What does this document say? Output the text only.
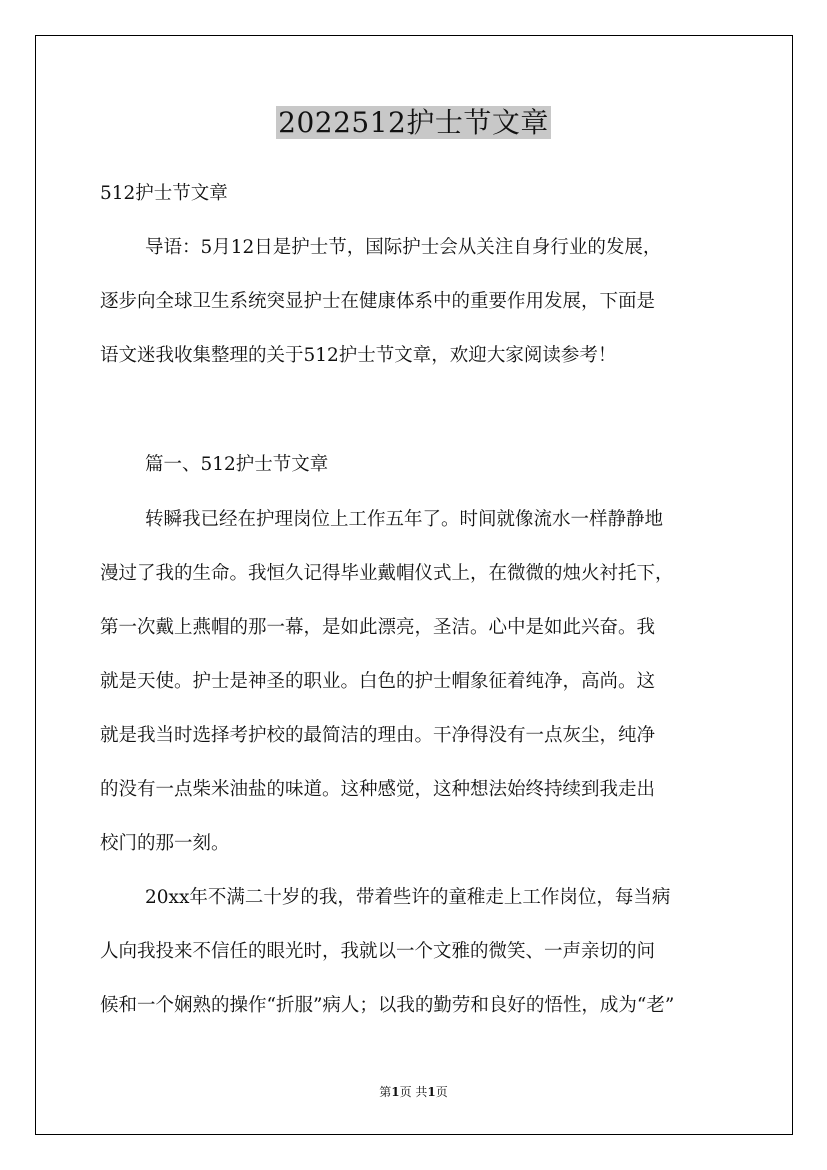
2022512护士节文章
512护士节文章
导语：5月12日是护士节，国际护士会从关注自身行业的发展，
逐步向全球卫生系统突显护士在健康体系中的重要作用发展，下面是
语文迷我收集整理的关于512护士节文章，欢迎大家阅读参考！
篇一、512护士节文章
转瞬我已经在护理岗位上工作五年了。时间就像流水一样静静地
漫过了我的生命。我恒久记得毕业戴帽仪式上，在微微的烛火衬托下，
第一次戴上燕帽的那一幕，是如此漂亮，圣洁。心中是如此兴奋。我
就是天使。护士是神圣的职业。白色的护士帽象征着纯净，高尚。这
就是我当时选择考护校的最简洁的理由。干净得没有一点灰尘，纯净
的没有一点柴米油盐的味道。这种感觉，这种想法始终持续到我走出
校门的那一刻。
20xx年不满二十岁的我，带着些许的童稚走上工作岗位，每当病
人向我投来不信任的眼光时，我就以一个文雅的微笑、一声亲切的问
候和一个娴熟的操作“折服”病人；以我的勤劳和良好的悟性，成为“老”
第1页 共1页
